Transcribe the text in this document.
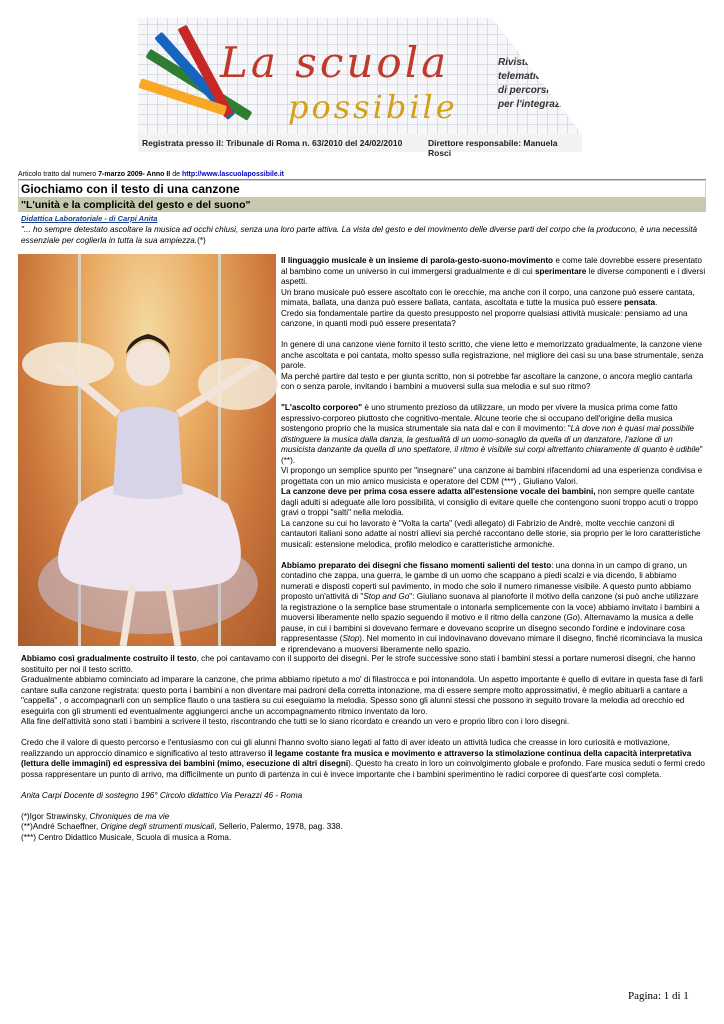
La scuola
possibile
Rivista
telematica
di percorsi
per l'integrazione
Registrata presso il: Tribunale di Roma n. 63/2010 del 24/02/2010	Direttore responsabile: Manuela Rosci
Articolo tratto dal numero 7-marzo 2009- Anno II de http://www.lascuolapossibile.it
Giochiamo con il testo di una canzone
"L'unità e la complicità del gesto e del suono"
Didattica Laboratoriale - di Carpi Anita
"... ho sempre detestato ascoltare la musica ad occhi chiusi, senza una loro parte attiva. La vista del gesto e del movimento delle diverse parti del corpo che la producono, è una necessità essenziale per coglierla in tutta la sua ampiezza.(*)

Il linguaggio musicale è un insieme di parola-gesto-suono-movimento e come tale dovrebbe essere presentato al bambino come un universo in cui immergersi gradualmente e di cui sperimentare le diverse componenti e i diversi aspetti.
Un brano musicale può essere ascoltato con le orecchie, ma anche con il corpo, una canzone può essere cantata, mimata, ballata, una danza può essere ballata, cantata, ascoltata e tutte la musica può essere pensata.
Credo sia fondamentale partire da questo presupposto nel proporre qualsiasi attività musicale: pensiamo ad una canzone, in quanti modi può essere presentata?

In genere di una canzone viene fornito il testo scritto, che viene letto e memorizzato gradualmente, la canzone viene anche ascoltata e poi cantata, molto spesso sulla registrazione, nel migliore dei casi su una base strumentale, senza parole.
Ma perché partire dal testo e per giunta scritto, non si potrebbe far ascoltare la canzone, o ancora meglio cantarla con o senza parole, invitando i bambini a muoversi sulla sua melodia e sul suo ritmo?

"L'ascolto corporeo" è uno strumento prezioso da utilizzare, un modo per vivere la musica prima come fatto espressivo-corporeo piuttosto che cognitivo-mentale. Alcune teorie che si occupano dell'origine della musica sostengono proprio che la musica strumentale sia nata dal e con il movimento: "Là dove non è quasi mai possibile distinguere la musica dalla danza, la gestualità di un uomo-sonaglio da quella di un danzatore, l'azione di un musicista danzante da quella di uno spettatore, il ritmo è visibile sui corpi altrettanto chiaramente di quanto è udibile"(**).
Vi propongo un semplice spunto per "insegnare" una canzone ai bambini rifacendomi ad una esperienza condivisa e progettata con un mio amico musicista e operatore del CDM (***) , Giuliano Valori.
La canzone deve per prima cosa essere adatta all'estensione vocale dei bambini, non sempre quelle cantate dagli adulti si adeguate alle loro possibilità, vi consiglio di evitare quelle che contengono suoni troppo acuti o troppo gravi o troppi "salti" nella melodia.
La canzone su cui ho lavorato è "Volta la carta" (vedi allegato) di Fabrizio de Andrè, molte vecchie canzoni di cantautori italiani sono adatte ai nostri allievi sia perché raccontano delle storie, sia proprio per le loro caratteristiche musicali: estensione melodica, profilo melodico e caratteristiche armoniche.

Abbiamo preparato dei disegni che fissano momenti salienti del testo: una donna in un campo di grano, un contadino che zappa, una guerra, le gambe di un uomo che scappano a piedi scalzi e via dicendo, li abbiamo numerati e disposti coperti sul pavimento, in modo che solo il numero rimanesse visibile. A questo punto abbiamo proposto un'attività di "Stop and Go": Giuliano suonava al pianoforte il motivo della canzone (si può anche utilizzare la registrazione o la semplice base strumentale o intonarla semplicemente con la voce) abbiamo invitato i bambini a muoversi liberamente nello spazio seguendo il motivo e il ritmo della canzone (Go). Alternavamo la musica a delle pause, in cui i bambini si dovevano fermare e dovevano scoprire un disegno secondo l'ordine e indovinare cosa rappresentasse (Stop). Nel momento in cui indovinavano dovevano mimare il disegno, finché ricominciava la musica e riprendevano a muoversi liberamente nello spazio.

Abbiamo così gradualmente costruito il testo, che poi cantavamo con il supporto dei disegni. Per le strofe successive sono stati i bambini stessi a portare numerosi disegni, che hanno sostituito per noi il testo scritto.
Gradualmente abbiamo cominciato ad imparare la canzone, che prima abbiamo ripetuto a mo' di filastrocca e poi intonandola. Un aspetto importante è quello di evitare in questa fase di farli cantare sulla canzone registrata: questo porta i bambini a non diventare mai padroni della corretta intonazione, ma di essere sempre molto approssimativi, è meglio abituarli a cantare a "cappella" , o accompagnarli con un semplice flauto o una tastiera su cui eseguiamo la melodia. Spesso sono gli alunni stessi che possono in seguito trovare la melodia ad orecchio ed eseguirla con gli strumenti ed eventualmente aggiungerci anche un accompagnamento ritmico inventato da loro.
Alla fine dell'attività sono stati i bambini a scrivere il testo, riscontrando che tutti se lo siano ricordato e creando un vero e proprio libro con i loro disegni.

Credo che il valore di questo percorso e l'entusiasmo con cui gli alunni l'hanno svolto siano legati al fatto di aver ideato un attività ludica che creasse in loro curiosità e motivazione, realizzando un approccio dinamico e significativo al testo attraverso il legame costante fra musica e movimento e attraverso la stimolazione continua della capacità interpretativa (lettura delle immagini) ed espressiva dei bambini (mimo, esecuzione di altri disegni). Questo ha creato in loro un coinvolgimento globale e profondo. Fare musica seduti o fermi credo possa rappresentare un punto di arrivo, ma difficilmente un punto di partenza in cui è invece importante che i bambini sperimentino le radici corporee di quest'arte così completa.

Anita Carpi Docente di sostegno 196° Circolo didattico Via Perazzi 46 - Roma

(*)Igor Strawinsky, Chroniques de ma vie
(**)André Schaeffner, Origine degli strumenti musicali, Sellerio, Palermo, 1978, pag. 338.
(***) Centro Didattico Musicale, Scuola di musica a Roma.
Pagina: 1 di 1
